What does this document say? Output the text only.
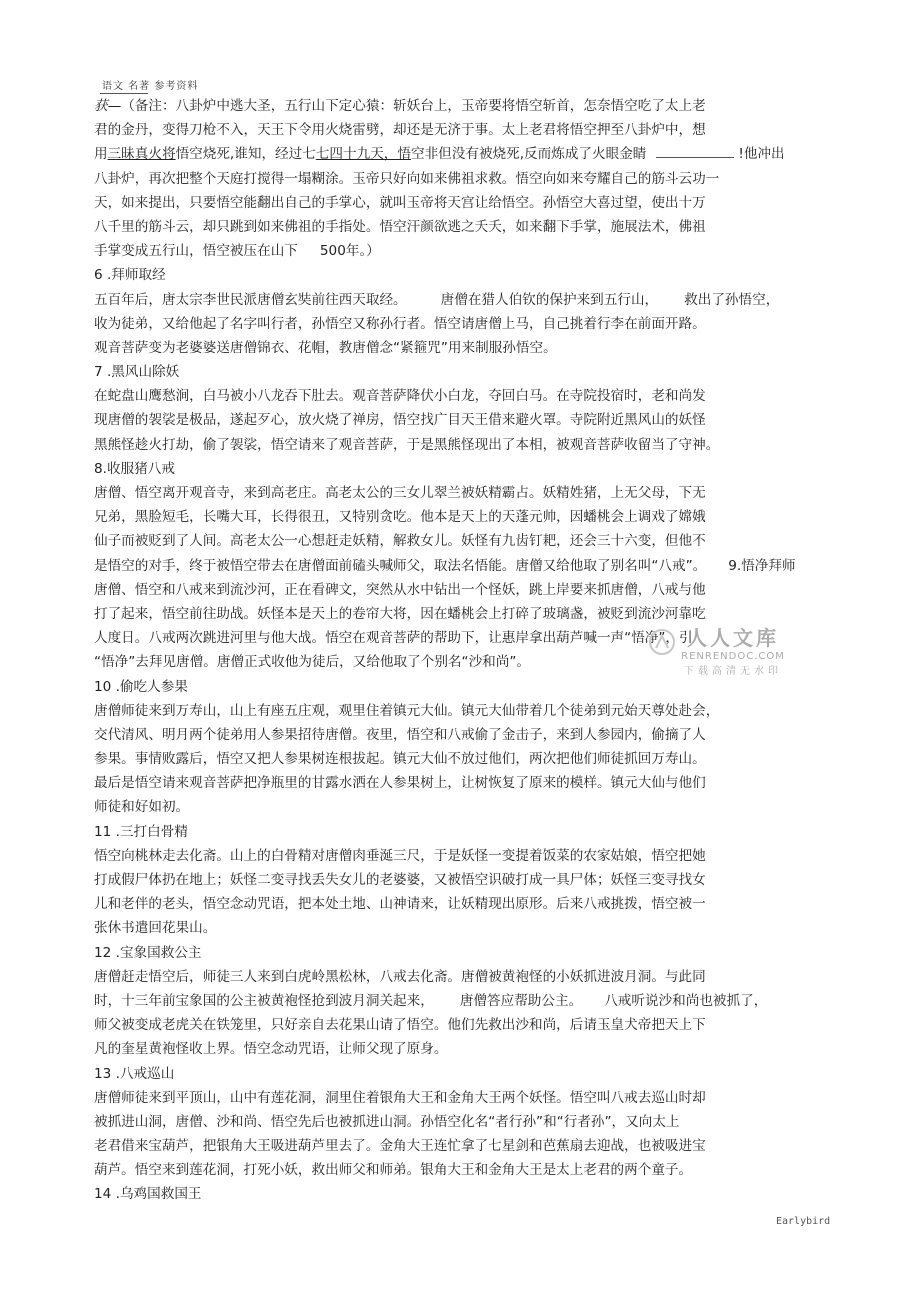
语文 名著 参考资料
获—（备注：八卦炉中逃大圣，五行山下定心猿：斩妖台上，玉帝要将悟空斩首，怎奈悟空吃了太上老
君的金丹，变得刀枪不入，天王下令用火烧雷劈，却还是无济于事。太上老君将悟空押至八卦炉中，想
用三昧真火将悟空烧死,谁知，经过七七四十九天，悟空非但没有被烧死,反而炼成了火眼金睛	!他冲出
八卦炉，再次把整个天庭打搅得一塌糊涂。玉帝只好向如来佛祖求救。悟空向如来夸耀自己的筋斗云功一
天，如来提出，只要悟空能翻出自己的手掌心，就叫玉帝将天宫让给悟空。孙悟空大喜过望，使出十万
八千里的筋斗云，却只跳到如来佛祖的手指处。悟空汗颜欲逃之夭夭，如来翻下手掌，施展法术，佛祖
手掌变成五行山，悟空被压在山下 500年。）
6 .拜师取经
五百年后，唐太宗李世民派唐僧玄奘前往西天取经。	唐僧在猎人伯钦的保护来到五行山， 救出了孙悟空，
收为徒弟，又给他起了名字叫行者，孙悟空又称孙行者。悟空请唐僧上马，自己挑着行李在前面开路。
观音菩萨变为老婆婆送唐僧锦衣、花帽，教唐僧念“紧箍咒”用来制服孙悟空。
7 .黑风山除妖
在蛇盘山鹰愁涧，白马被小八龙吞下肚去。观音菩萨降伏小白龙，夺回白马。在寺院投宿时，老和尚发
现唐僧的袈裟是极品，遂起歹心，放火烧了禅房，悟空找广目天王借来避火罩。寺院附近黑风山的妖怪
黑熊怪趁火打劫，偷了袈裟，悟空请来了观音菩萨，于是黑熊怪现出了本相，被观音菩萨收留当了守神。
8.收服猪八戒
唐僧、悟空离开观音寺，来到高老庄。高老太公的三女儿翠兰被妖精霸占。妖精姓猪，上无父母，下无
兄弟，黑脸短毛，长嘴大耳，长得很丑，又特别贪吃。他本是天上的天蓬元帅，因蟠桃会上调戏了嫦娥
仙子而被贬到了人间。高老太公一心想赶走妖精，解救女儿。妖怪有九齿钉耙，还会三十六变，但他不
是悟空的对手，终于被悟空带去在唐僧面前磕头喊师父，取法名悟能。唐僧又给他取了别名叫“八戒”。 9.悟净拜师
唐僧、悟空和八戒来到流沙河，正在看碑文，突然从水中钻出一个怪妖，跳上岸要来抓唐僧，八戒与他
打了起来，悟空前往助战。妖怪本是天上的卷帘大将，因在蟠桃会上打碎了玻璃盏，被贬到流沙河靠吃
人度日。八戒两次跳进河里与他大战。悟空在观音菩萨的帮助下，让惠岸拿出葫芦喊一声“悟净”，引
“悟净”去拜见唐僧。唐僧正式收他为徒后，又给他取了个别名“沙和尚”。
10 .偷吃人参果
唐僧师徒来到万寿山，山上有座五庄观，观里住着镇元大仙。镇元大仙带着几个徒弟到元始天尊处赴会，
交代清风、明月两个徒弟用人参果招待唐僧。夜里，悟空和八戒偷了金击子，来到人参园内，偷摘了人
参果。事情败露后，悟空又把人参果树连根拔起。镇元大仙不放过他们，两次把他们师徒抓回万寿山。
最后是悟空请来观音菩萨把净瓶里的甘露水洒在人参果树上，让树恢复了原来的模样。镇元大仙与他们
师徒和好如初。
11 .三打白骨精
悟空向桃林走去化斋。山上的白骨精对唐僧肉垂涎三尺，于是妖怪一变提着饭菜的农家姑娘，悟空把她
打成假尸体扔在地上；妖怪二变寻找丢失女儿的老婆婆，又被悟空识破打成一具尸体；妖怪三变寻找女
儿和老伴的老头，悟空念动咒语，把本处土地、山神请来，让妖精现出原形。后来八戒挑拨，悟空被一
张休书遣回花果山。
12 .宝象国救公主
唐僧赶走悟空后，师徒三人来到白虎岭黑松林，八戒去化斋。唐僧被黄袍怪的小妖抓进波月洞。与此同
时，十三年前宝象国的公主被黄袍怪抢到波月洞关起来， 唐僧答应帮助公主。 八戒听说沙和尚也被抓了，
师父被变成老虎关在铁笼里，只好亲自去花果山请了悟空。他们先救出沙和尚，后请玉皇犬帝把天上下
凡的奎星黄袍怪收上界。悟空念动咒语，让师父现了原身。
13 .八戒巡山
唐僧师徒来到平顶山，山中有莲花洞，洞里住着银角大王和金角大王两个妖怪。悟空叫八戒去巡山时却
被抓进山洞，唐僧、沙和尚、悟空先后也被抓进山洞。孙悟空化名“者行孙”和“行者孙”，又向太上
老君借来宝葫芦，把银角大王吸进葫芦里去了。金角大王连忙拿了七星剑和芭蕉扇去迎战，也被吸进宝
葫芦。悟空来到莲花洞，打死小妖，救出师父和师弟。银角大王和金角大王是太上老君的两个童子。
14 .乌鸡国救国王
人人文库
RENRENDOC.COM
下载高清无水印
Earlybird
